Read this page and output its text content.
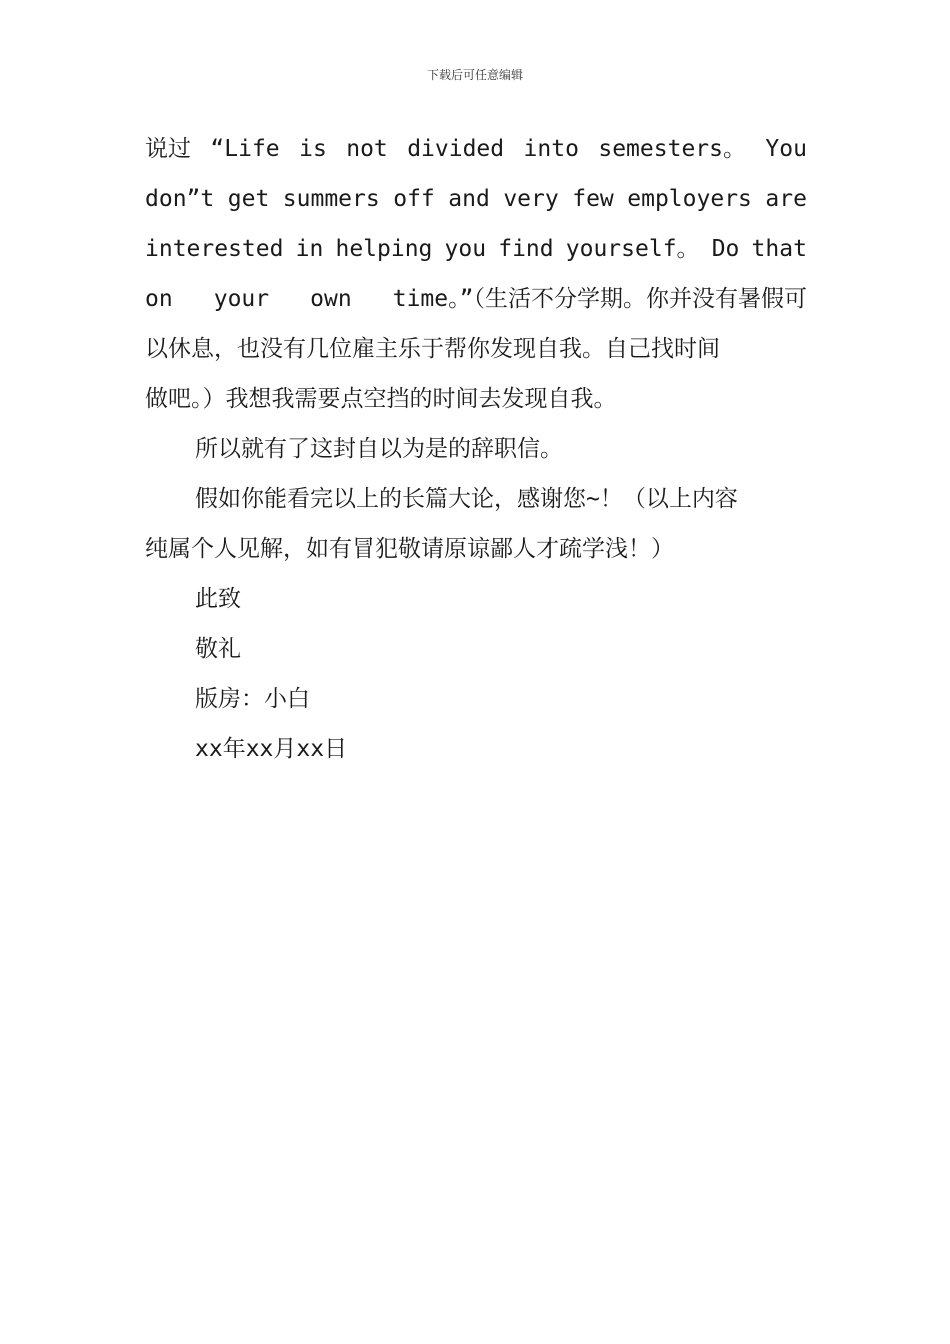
下载后可任意编辑
说过 “Life is not divided into semesters。 You
don”t get summers off and very few employers are
interested in helping you find yourself。 Do that
on your own time。”（生活不分学期。你并没有暑假可
以休息，也没有几位雇主乐于帮你发现自我。自己找时间
做吧。）我想我需要点空挡的时间去发现自我。
所以就有了这封自以为是的辞职信。
假如你能看完以上的长篇大论，感谢您~！（以上内容
纯属个人见解，如有冒犯敬请原谅鄙人才疏学浅！）
此致
敬礼
版房：小白
xx年xx月xx日
